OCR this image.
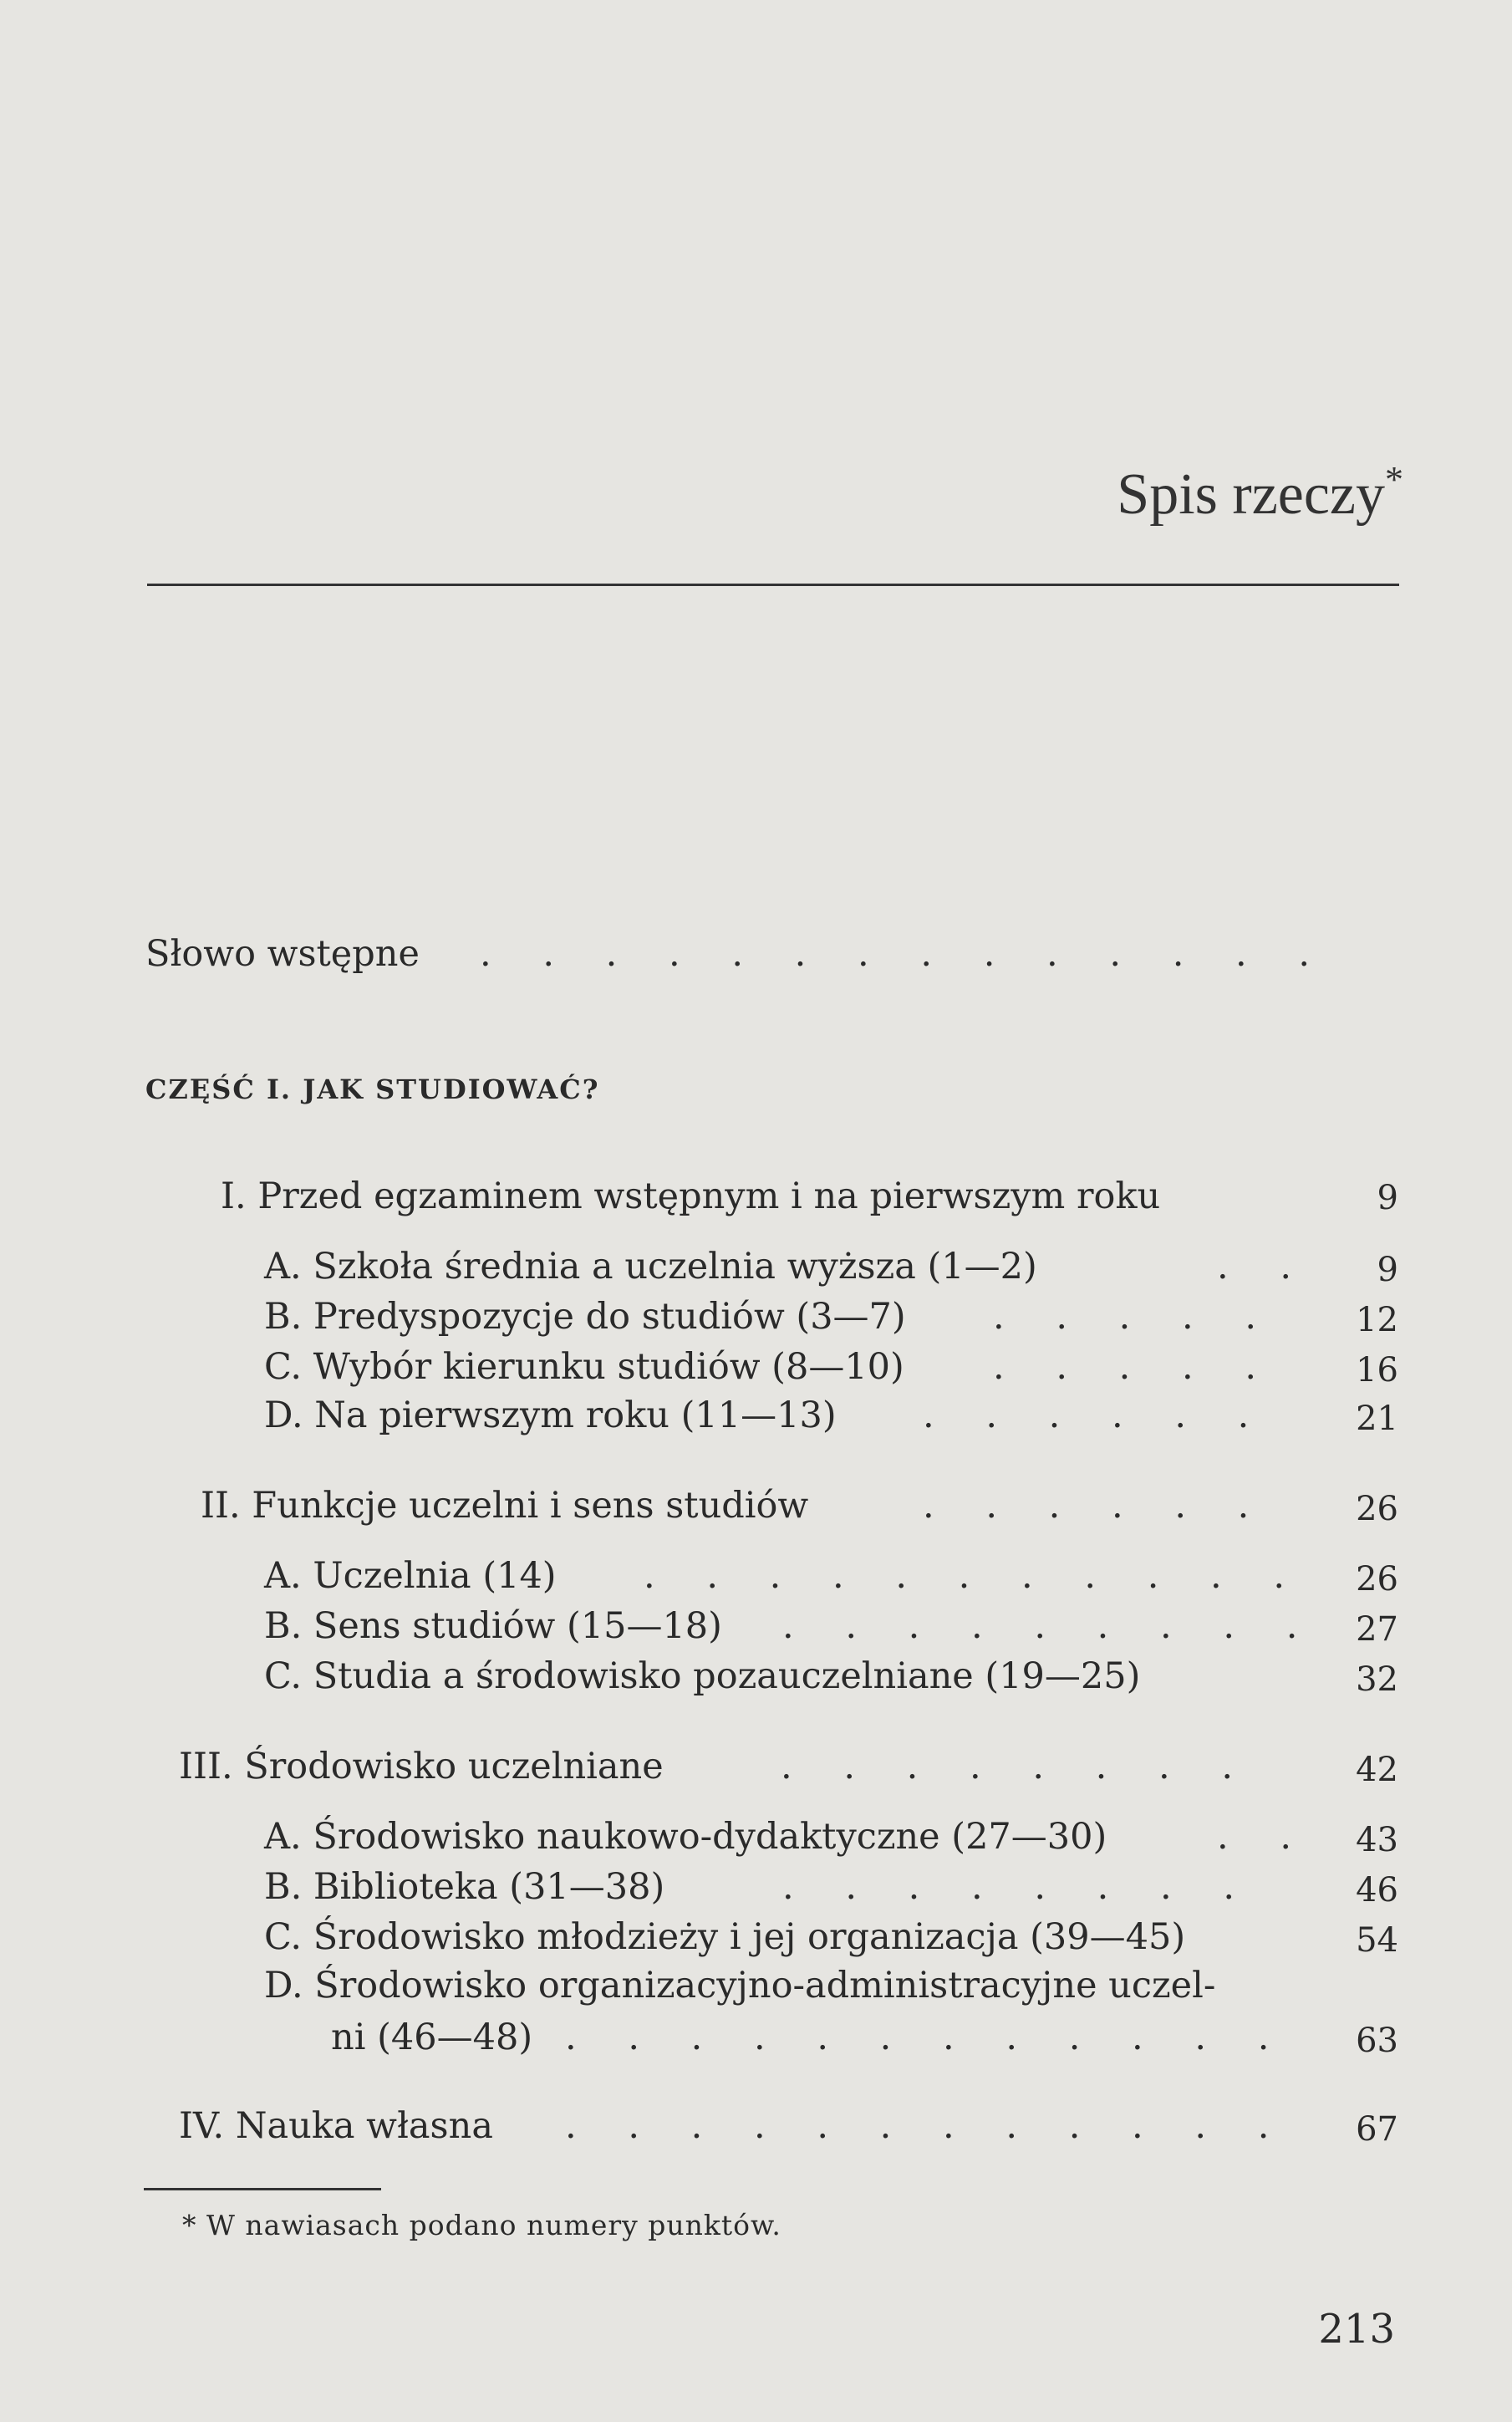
Spis rzeczy*
Słowo wstępne . . . . . . . . . . . . . .
CZĘŚĆ I. JAK STUDIOWAĆ?
I. Przed egzaminem wstępnym i na pierwszym roku	9
A. Szkoła średnia a uczelnia wyższa (1—2)	. .	9
B. Predyspozycje do studiów (3—7) . . . . .	12
C. Wybór kierunku studiów (8—10) . . . . .	16
D. Na pierwszym roku (11—13) . . . . . .	21
II. Funkcje uczelni i sens studiów	. . . . . .	26
A. Uczelnia (14) . . . . . . . . . . .	26
B. Sens studiów (15—18) . . . . . . . . .	27
C. Studia a środowisko pozauczelniane (19—25)	32
III. Środowisko uczelniane	. . . . . . . .	42
A. Środowisko naukowo-dydaktyczne (27—30)	. .	43
B. Biblioteka (31—38)	. . . . . . . .	46
C. Środowisko młodzieży i jej organizacja (39—45)	54
D. Środowisko organizacyjno-administracyjne uczel-
ni (46—48) . . . . . . . . . . . .	63
IV. Nauka własna . . . . . . . . . . . .	67
* W nawiasach podano numery punktów.
213
